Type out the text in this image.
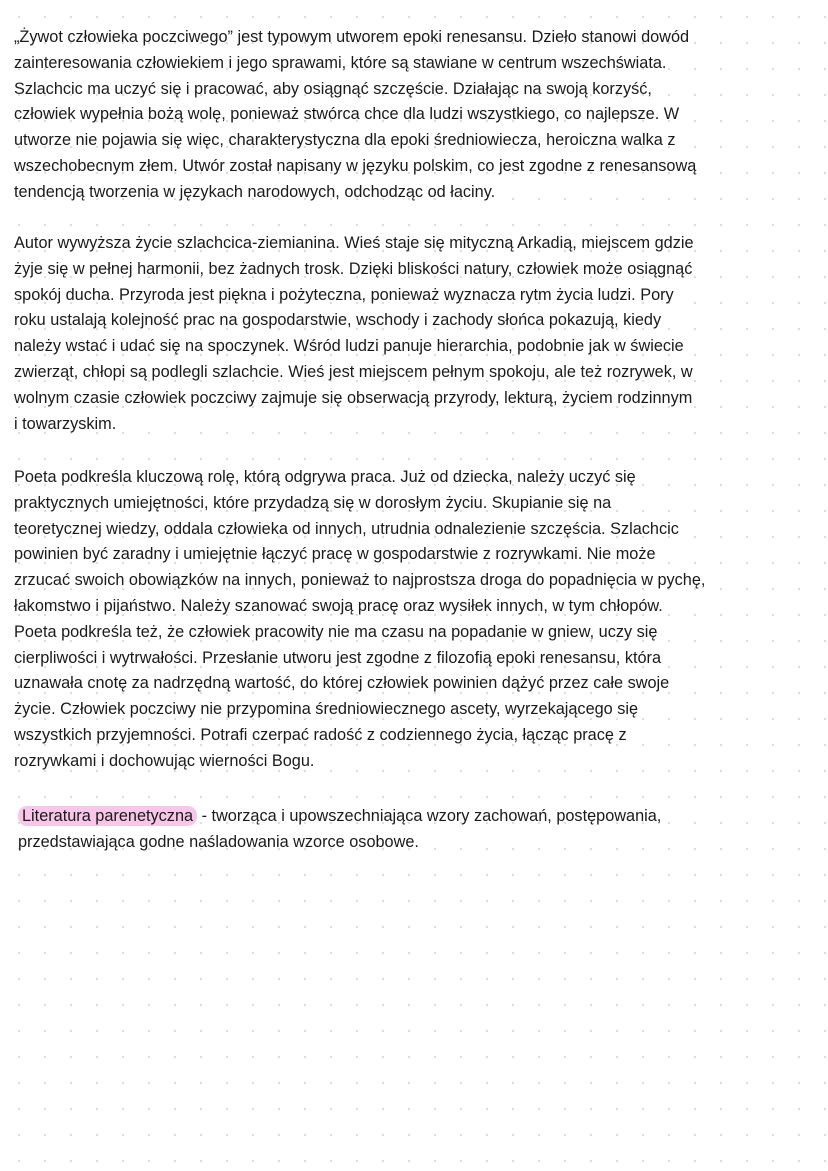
„Żywot człowieka poczciwego” jest typowym utworem epoki renesansu. Dzieło stanowi dowód
zainteresowania człowiekiem i jego sprawami, które są stawiane w centrum wszechświata.
Szlachcic ma uczyć się i pracować, aby osiągnąć szczęście. Działając na swoją korzyść,
człowiek wypełnia bożą wolę, ponieważ stwórca chce dla ludzi wszystkiego, co najlepsze. W
utworze nie pojawia się więc, charakterystyczna dla epoki średniowiecza, heroiczna walka z
wszechobecnym złem. Utwór został napisany w języku polskim, co jest zgodne z renesansową
tendencją tworzenia w językach narodowych, odchodząc od łaciny.
Autor wywyższa życie szlachcica-ziemianina. Wieś staje się mityczną Arkadią, miejscem gdzie
żyje się w pełnej harmonii, bez żadnych trosk. Dzięki bliskości natury, człowiek może osiągnąć
spokój ducha. Przyroda jest piękna i pożyteczna, ponieważ wyznacza rytm życia ludzi. Pory
roku ustalają kolejność prac na gospodarstwie, wschody i zachody słońca pokazują, kiedy
należy wstać i udać się na spoczynek. Wśród ludzi panuje hierarchia, podobnie jak w świecie
zwierząt, chłopi są podlegli szlachcie. Wieś jest miejscem pełnym spokoju, ale też rozrywek, w
wolnym czasie człowiek poczciwy zajmuje się obserwacją przyrody, lekturą, życiem rodzinnym
i towarzyskim.
Poeta podkreśla kluczową rolę, którą odgrywa praca. Już od dziecka, należy uczyć się
praktycznych umiejętności, które przydadzą się w dorosłym życiu. Skupianie się na
teoretycznej wiedzy, oddala człowieka od innych, utrudnia odnalezienie szczęścia. Szlachcic
powinien być zaradny i umiejętnie łączyć pracę w gospodarstwie z rozrywkami. Nie może
zrzucać swoich obowiązków na innych, ponieważ to najprostsza droga do popadnięcia w pychę,
łakomstwo i pijaństwo. Należy szanować swoją pracę oraz wysiłek innych, w tym chłopów.
Poeta podkreśla też, że człowiek pracowity nie ma czasu na popadanie w gniew, uczy się
cierpliwości i wytrwałości. Przesłanie utworu jest zgodne z filozofią epoki renesansu, która
uznawała cnotę za nadrzędną wartość, do której człowiek powinien dążyć przez całe swoje
życie. Człowiek poczciwy nie przypomina średniowiecznego ascety, wyrzekającego się
wszystkich przyjemności. Potrafi czerpać radość z codziennego życia, łącząc pracę z
rozrywkami i dochowując wierności Bogu.
Literatura parenetyczna - tworząca i upowszechniająca wzory zachowań, postępowania,
przedstawiająca godne naśladowania wzorce osobowe.
